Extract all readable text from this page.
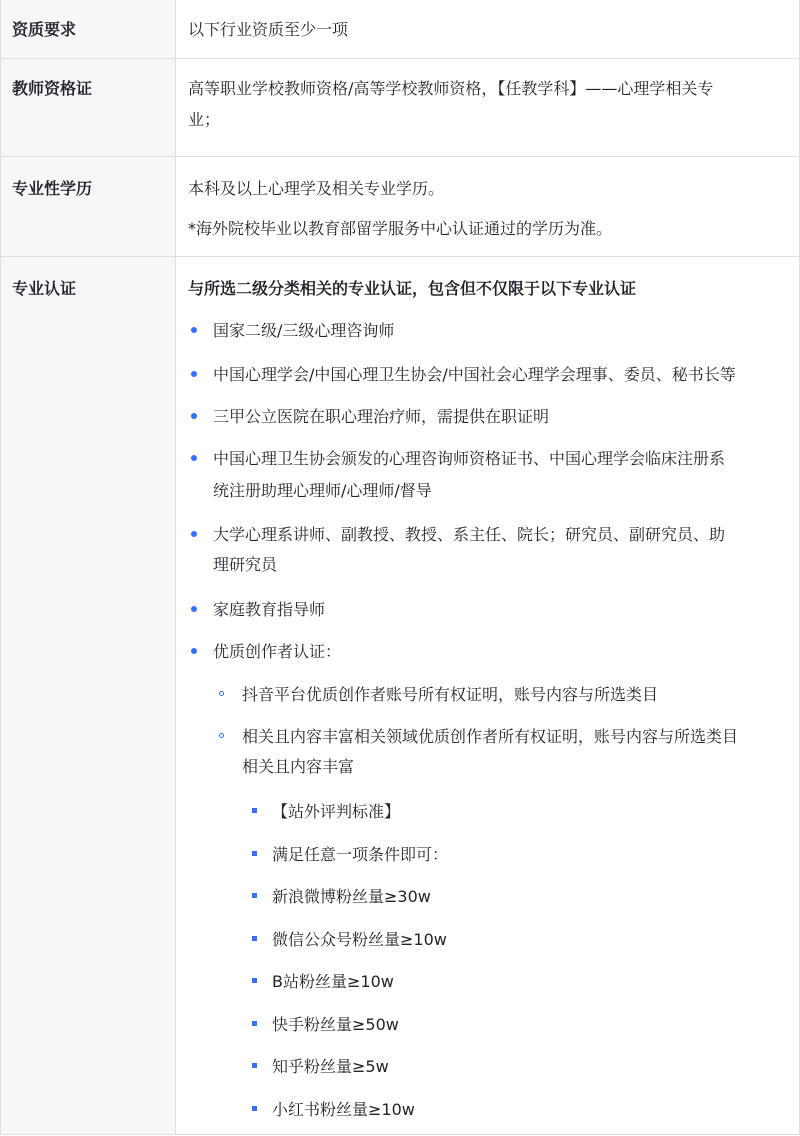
资质要求	以下行业资质至少一项
教师资格证	高等职业学校教师资格/高等学校教师资格，【任教学科】——心理学相关专
业；
专业性学历	本科及以上心理学及相关专业学历。
*海外院校毕业以教育部留学服务中心认证通过的学历为准。
专业认证	与所选二级分类相关的专业认证，包含但不仅限于以下专业认证
国家二级/三级心理咨询师
中国心理学会/中国心理卫生协会/中国社会心理学会理事、委员、秘书长等
三甲公立医院在职心理治疗师，需提供在职证明
中国心理卫生协会颁发的心理咨询师资格证书、中国心理学会临床注册系
统注册助理心理师/心理师/督导
大学心理系讲师、副教授、教授、系主任、院长；研究员、副研究员、助
理研究员
家庭教育指导师
优质创作者认证：
抖音平台优质创作者账号所有权证明，账号内容与所选类目
相关且内容丰富相关领域优质创作者所有权证明，账号内容与所选类目
相关且内容丰富
【站外评判标准】
满足任意一项条件即可：
新浪微博粉丝量≥30w
微信公众号粉丝量≥10w
B站粉丝量≥10w
快手粉丝量≥50w
知乎粉丝量≥5w
小红书粉丝量≥10w
